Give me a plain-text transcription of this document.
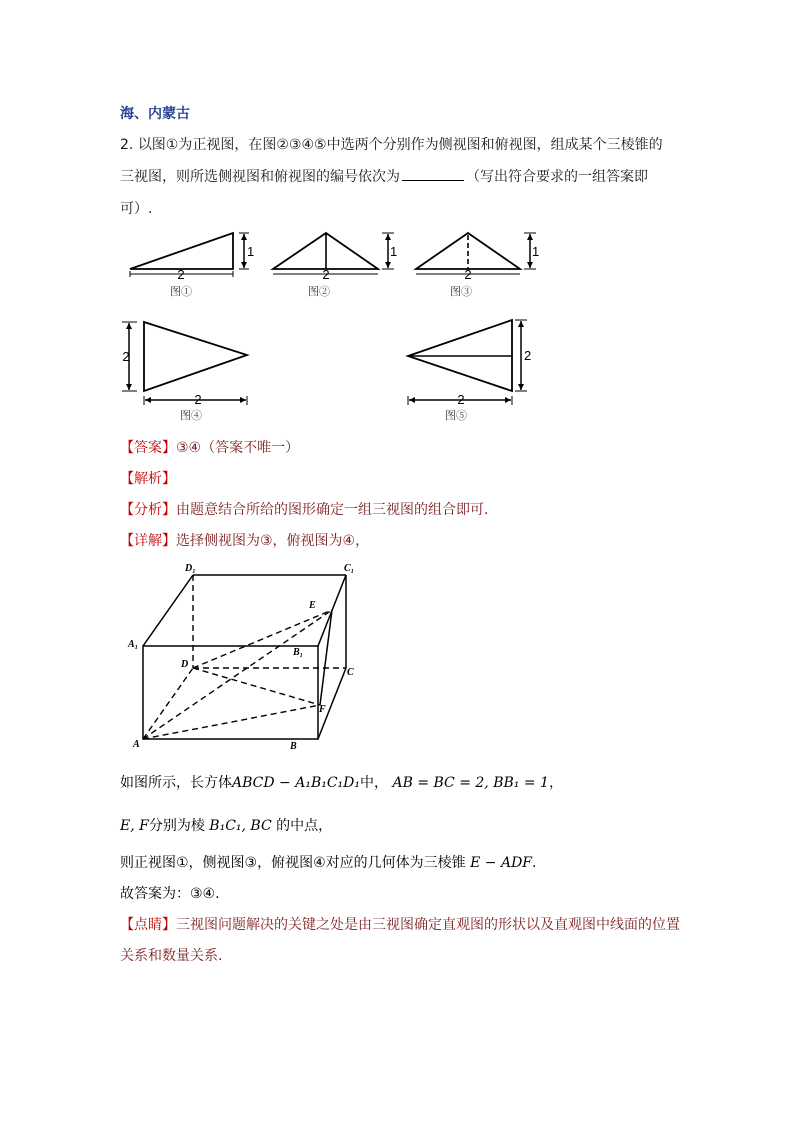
海、内蒙古
2. 以图①为正视图，在图②③④⑤中选两个分别作为侧视图和俯视图，组成某个三棱锥的
三视图，则所选侧视图和俯视图的编号依次为	（写出符合要求的一组答案即
可）.
2
1
图①
2
1
图②
2
1
图③
2
2
图④
2
2
图⑤
【答案】③④（答案不唯一）
【解析】
【分析】由题意结合所给的图形确定一组三视图的组合即可.
【详解】选择侧视图为③，俯视图为④，
D₁	C₁
A₁
B₁
D
C
A	B
E
F
如图所示，长方体ABCD − A₁B₁C₁D₁中， AB = BC = 2, BB₁ = 1，
E, F分别为棱 B₁C₁, BC 的中点，
则正视图①，侧视图③，俯视图④对应的几何体为三棱锥 E − ADF.
故答案为：③④.
【点睛】三视图问题解决的关键之处是由三视图确定直观图的形状以及直观图中线面的位置
关系和数量关系.
